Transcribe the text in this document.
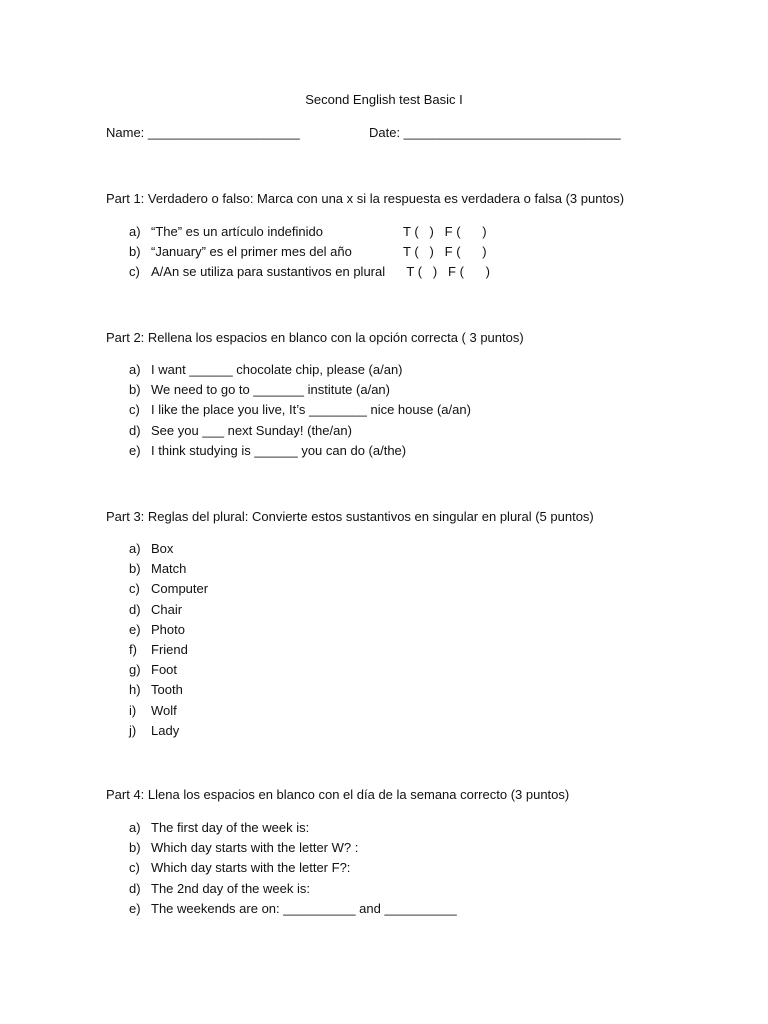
Second English test Basic I
Name: _____________________	Date: ______________________________
Part 1: Verdadero o falso: Marca con una x si la respuesta es verdadera o falsa (3 puntos)
a) “The” es un artículo indefinido	T (   )   F (      )
b) “January” es el primer mes del año	T (   )   F (      )
c) A/An se utiliza para sustantivos en plural T (   )   F (      )
Part 2: Rellena los espacios en blanco con la opción correcta ( 3 puntos)
a) I want ______ chocolate chip, please (a/an)
b) We need to go to _______ institute (a/an)
c) I like the place you live, It’s ________ nice house (a/an)
d) See you ___ next Sunday! (the/an)
e) I think studying is ______ you can do (a/the)
Part 3: Reglas del plural: Convierte estos sustantivos en singular en plural (5 puntos)
a) Box
b) Match
c) Computer
d) Chair
e) Photo
f) Friend
g) Foot
h) Tooth
i) Wolf
j) Lady
Part 4: Llena los espacios en blanco con el día de la semana correcto (3 puntos)
a) The first day of the week is:
b) Which day starts with the letter W? :
c) Which day starts with the letter F?:
d) The 2nd day of the week is:
e) The weekends are on: __________ and __________
